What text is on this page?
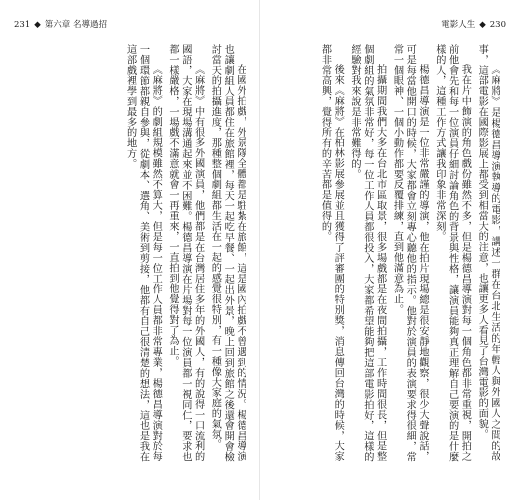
231 ◆ 第六章 名導過招

在國外拍戲，外景隊全體都是駐紮在旅館，這是國內拍戲不曾遇到的情況。楊德昌導演也讓劇組人員都住在旅館裡，每天一起吃早餐、一起出外景，晚上回到旅館之後還會開會檢討當天的拍攝進度，那種整個劇組都生活在一起的感覺很特別，有一種像大家庭的氣氛。

《麻將》中有很多外國演員，他們都是在台灣居住多年的外國人，有的說得一口流利的國語，大家在現場溝通起來並不困難。楊德昌導演在片場對每一位演員都一視同仁，要求也都一樣嚴格，一場戲不滿意就會一再重來，一直拍到他覺得對了為止。

《麻將》的劇組規模雖然不算大，但是每一位工作人員都非常專業，楊德昌導演對於每一個環節都親自參與，從劇本、選角、美術到剪接，他都有自己很清楚的想法，這也是我在這部戲裡學到最多的地方。

電影人生 ◆ 230

《麻將》是楊德昌導演執導的電影，講述一群在台北生活的年輕人與外國人之間的故事，這部電影在國際影展上都受到相當大的注意，也讓更多人看見了台灣電影的面貌。

我在片中飾演的角色戲份雖然不多，但是楊德昌導演對每一個角色都非常重視，開拍之前他會先和每一位演員仔細討論角色的背景與性格，讓演員能夠真正理解自己要演的是什麼樣的人，這種工作方式讓我印象非常深刻。

楊德昌導演是一位非常嚴謹的導演，他在拍片現場總是很安靜地觀察，很少大聲說話，可是每當他開口的時候，大家都會立刻專心聽他的指示。他對於演員的表演要求得很細，常常一個眼神、一個小動作都要反覆排練，直到他滿意為止。

拍攝期間我們大多在台北市區取景，很多場戲都是在夜間拍攝，工作時間很長，但是整個劇組的氣氛非常好，每一位工作人員都很投入，大家都希望能夠把這部電影拍好，這樣的經驗對我來說是非常難得的。

後來《麻將》在柏林影展參展並且獲得了評審團的特別獎，消息傳回台灣的時候，大家都非常高興，覺得所有的辛苦都是值得的。
